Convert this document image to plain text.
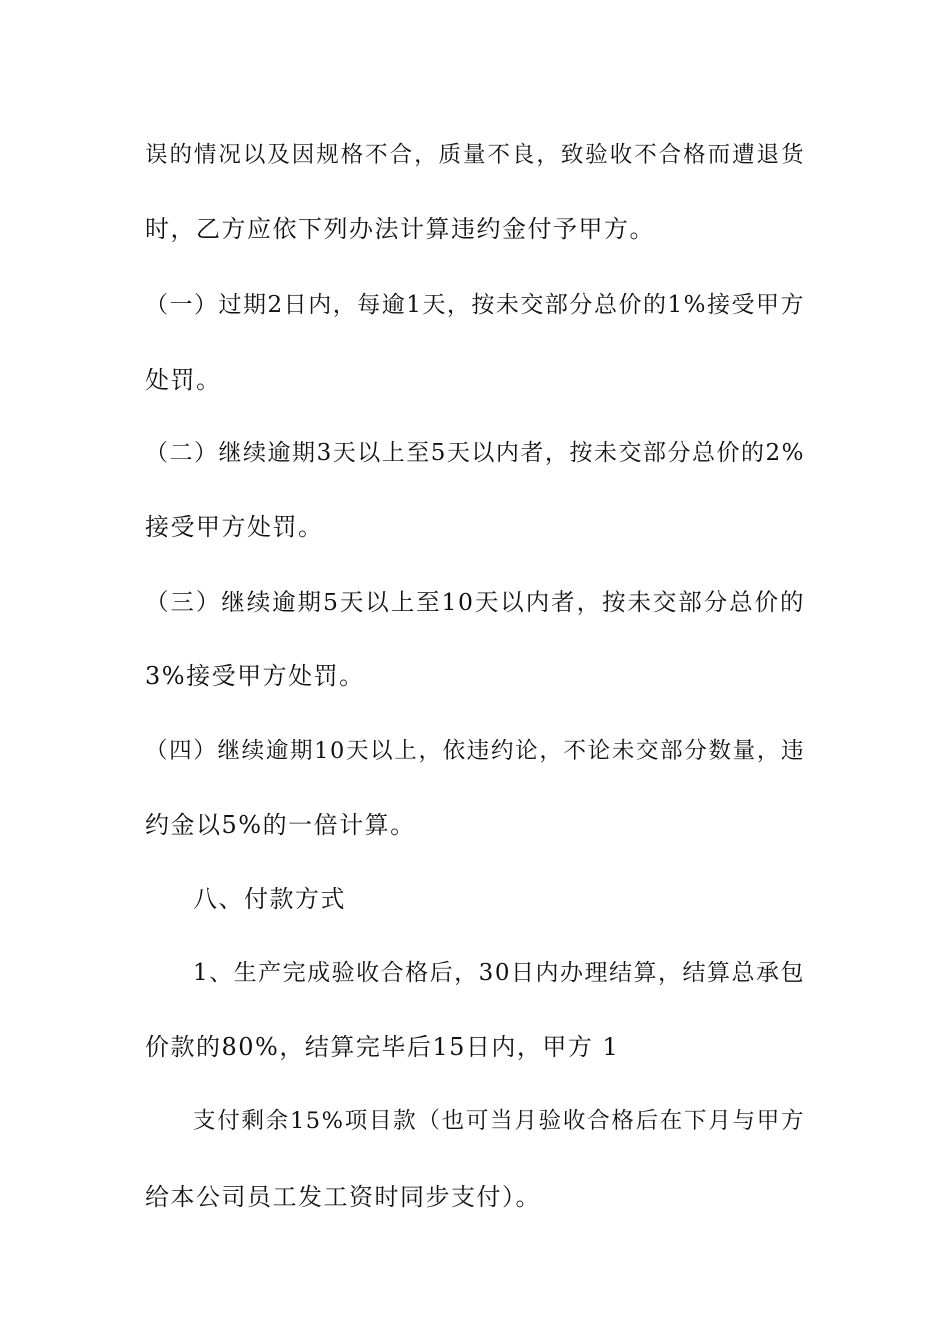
误的情况以及因规格不合，质量不良，致验收不合格而遭退货
时，乙方应依下列办法计算违约金付予甲方。
（一）过期2日内，每逾1天，按未交部分总价的1%接受甲方
处罚。
（二）继续逾期3天以上至5天以内者，按未交部分总价的2%
接受甲方处罚。
（三）继续逾期5天以上至10天以内者，按未交部分总价的
3%接受甲方处罚。
（四）继续逾期10天以上，依违约论，不论未交部分数量，违
约金以5%的一倍计算。
八、付款方式
1、生产完成验收合格后，30日内办理结算，结算总承包
价款的80%，结算完毕后15日内，甲方 1
支付剩余15%项目款（也可当月验收合格后在下月与甲方
给本公司员工发工资时同步支付）。
